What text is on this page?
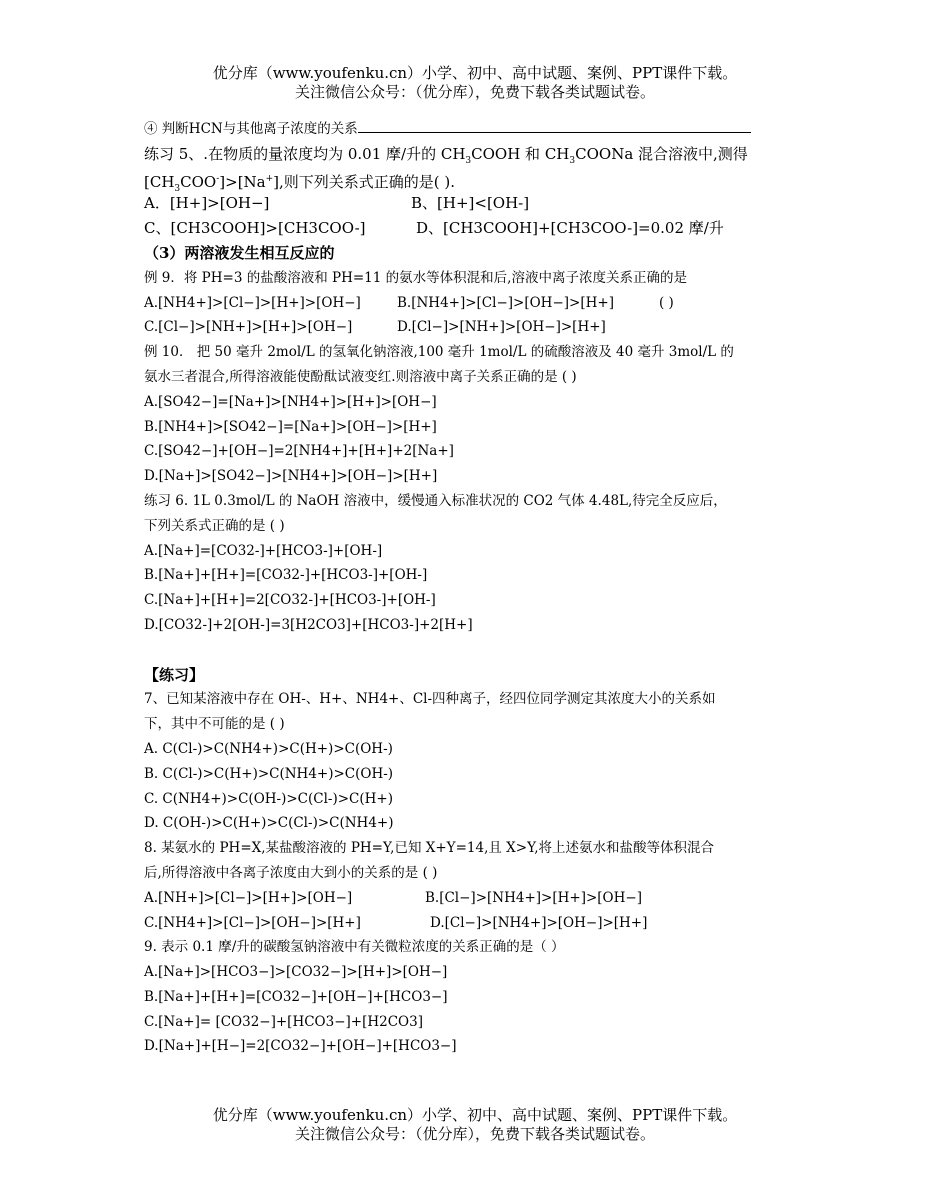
优分库（www.youfenku.cn）小学、初中、高中试题、案例、PPT课件下载。
关注微信公众号：（优分库），免费下载各类试题试卷。
④ 判断HCN与其他离子浓度的关系
练习 5、.在物质的量浓度均为 0.01 摩/升的 $CH_3COOH$ 和 $CH_3COONa$ 混合溶液中,测得
$[CH_3COO^-]>[Na^+]$,则下列关系式正确的是( ).
A．[H+]>[OH−]	B、[H+]<[OH-]
C、[CH3COOH]>[CH3COO-]	D、[CH3COOH]+[CH3COO-]=0.02 摩/升
（3）两溶液发生相互反应的
例 9．将 PH=3 的盐酸溶液和 PH=11 的氨水等体积混和后,溶液中离子浓度关系正确的是
A.[NH4+]>[Cl−]>[H+]>[OH−]	B.[NH4+]>[Cl−]>[OH−]>[H+]	( )
C.[Cl−]>[NH+]>[H+]>[OH−]	D.[Cl−]>[NH+]>[OH−]>[H+]
例 10． 把 50 毫升 2mol/L 的氢氧化钠溶液,100 毫升 1mol/L 的硫酸溶液及 40 毫升 3mol/L 的
氨水三者混合,所得溶液能使酚酞试液变红.则溶液中离子关系正确的是 ( )
A.[SO42−]=[Na+]>[NH4+]>[H+]>[OH−]
B.[NH4+]>[SO42−]=[Na+]>[OH−]>[H+]
C.[SO42−]+[OH−]=2[NH4+]+[H+]+2[Na+]
D.[Na+]>[SO42−]>[NH4+]>[OH−]>[H+]
练习 6. 1L 0.3mol/L 的 NaOH 溶液中，缓慢通入标准状况的 CO2 气体 4.48L,待完全反应后，
下列关系式正确的是 ( )
A.[Na+]=[CO32-]+[HCO3-]+[OH-]
B.[Na+]+[H+]=[CO32-]+[HCO3-]+[OH-]
C.[Na+]+[H+]=2[CO32-]+[HCO3-]+[OH-]
D.[CO32-]+2[OH-]=3[H2CO3]+[HCO3-]+2[H+]
【练习】
7、已知某溶液中存在 OH-、H+、NH4+、Cl-四种离子，经四位同学测定其浓度大小的关系如
下，其中不可能的是 ( )
A. C(Cl-)>C(NH4+)>C(H+)>C(OH-)
B. C(Cl-)>C(H+)>C(NH4+)>C(OH-)
C. C(NH4+)>C(OH-)>C(Cl-)>C(H+)
D. C(OH-)>C(H+)>C(Cl-)>C(NH4+)
8. 某氨水的 PH=X,某盐酸溶液的 PH=Y,已知 X+Y=14,且 X>Y,将上述氨水和盐酸等体积混合
后,所得溶液中各离子浓度由大到小的关系的是 ( )
A.[NH+]>[Cl−]>[H+]>[OH−]	B.[Cl−]>[NH4+]>[H+]>[OH−]
C.[NH4+]>[Cl−]>[OH−]>[H+]	D.[Cl−]>[NH4+]>[OH−]>[H+]
9. 表示 0.1 摩/升的碳酸氢钠溶液中有关微粒浓度的关系正确的是（ ）
A.[Na+]>[HCO3−]>[CO32−]>[H+]>[OH−]
B.[Na+]+[H+]=[CO32−]+[OH−]+[HCO3−]
C.[Na+]= [CO32−]+[HCO3−]+[H2CO3]
D.[Na+]+[H−]=2[CO32−]+[OH−]+[HCO3−]
优分库（www.youfenku.cn）小学、初中、高中试题、案例、PPT课件下载。
关注微信公众号：（优分库），免费下载各类试题试卷。
